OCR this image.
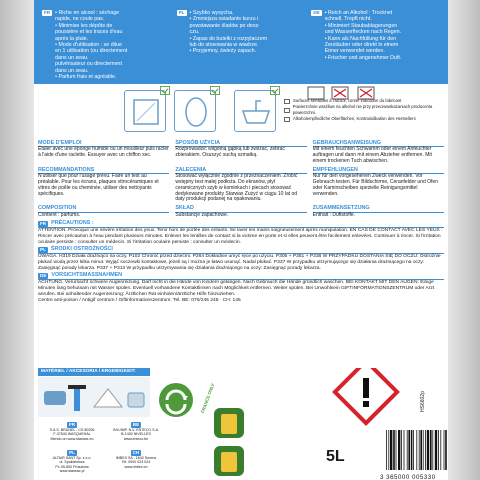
FR • Riche en alcool : séchage

rapide, ne coule pas.

• Minimise les dépôts de

poussière et les traces d'eau

après la pluie.

• Mode d'utilisation : se dilue

en 1 utilisation (ou directement

dans un seau.

pulvérisateur ou directement

dans un seau.

• Parfum frais et agréable.

PL • Szybko wysycha.

• Zmniejsza osiadanie kurzu i

powstawanie śladów po desz-

czu.

• Zapas do butelki z rozpylaczem

lub do stosowania w wiadrze.

• Przyjemny, świeży zapach.

DE • Reich an Alkohol : Trocknet

schnell, Tropft nicht.

• Minimiert Staubablagerungen

und Wasserflecken nach Regen.

• Kann als Nachfüllung für den

Zerstäuber oder direkt in einem

Eimer verwendet werden.

• Frischer und angenehmer Duft.

Surfaces sensibles à l'alcool, contre indication du fabricant
Powierzchnie wrażliwe na alkohol nie przy przeciwwskazaniach producenta powierzchni.
Alkoholempfindliche Oberflächen, Kontraindikation des Herstellers
MODE D'EMPLOI
Étaler avec une éponge humide ou un mouilleur puis racler à l'aide d'une raclette. Essuyer avec un chiffon sec.
SPOSÓB UŻYCIA
Rozprowadzić wilgotną gąbką lub zwilżać, zebrać zbierakiem. Osuszyć suchą szmatką.
GEBRAUCHSANWEISUNG
Mit einem feuchten Schwamm oder einem Anfeuchter auftragen und dann mit einem Abzieher entfernen. Mit einem trockenen Tuch abwischen.
RECOMMANDATIONS
N'utiliser que pour l'usage prévu. Faire un test au préalable. Pour les écrans, plaques vitrocéramiques et vitres de poêle ou cheminée, utiliser des nettoyants spécifiques.
ZALECENIA
Stosować wyłącznie zgodnie z przeznaczeniem. Zrobić wstępny test małej podłoża. Do ekranów, płyt ceramicznych szyb w kominkach i piecach stosować dedykowane produkty Starwax Zużyć w ciągu 10 lat od daty produkcji podanej na opakowaniu.
EMPFEHLUNGEN
Nur für den vorgesehenen Zweck verwenden. Vor Gebrauch testen. Für Bildschirme, Ceranfelder und Ofen oder Kaminscheiben spezielle Reinigungsmittel verwenden.
COMPOSITION
Contient : parfums.
SKŁAD
Substancje zapachowe.
ZUSAMMENSETZUNG
Enthält : Duftstoffe.
FR PRÉCAUTIONS :
ATTENTION. Provoque une sévère irritation des yeux. Tenir hors de portée des enfants. Se laver les mains soigneusement après manipulation. EN CAS DE CONTACT AVEC LES YEUX : Rincer avec précaution à l'eau pendant plusieurs minutes. Enlever les lentilles de contact si la victime en porte et si elles peuvent être facilement enlevées. Continuer à rincer. Si l'irritation oculaire persiste : consulter un médecin. Si l'irritation oculaire persiste : consulter un médecin.
PL ŚRODKI OSTROŻNOŚCI
UWAGA. H319 Działa drażniąco na oczy. P102 Chronić przed dziećmi. P264 Dokładnie umyć ręce po użyciu. P305 + P351 + P338 W PRZYPADKU DOSTANIA SIĘ DO OCZU: Ostrożnie płukać wodą przez kilka minut. Wyjąć soczewki kontaktowe, jeżeli są i można je łatwo usunąć. Nadal płukać. P337 W przypadku utrzymującego się działania drażniącego na oczy: Zasięgnąć porady lekarza. P337 + P313 W przypadku utrzymywania się działania drażniącego na oczy: Zasięgnąć porady lekarza.
DE VORSICHTSMASSNAHMEN
ACHTUNG. Verursacht schwere Augenreizung. Darf nicht in die Hände von Kindern gelangen. Nach Gebrauch die Hände gründlich waschen. BEI KONTAKT MIT DEN AUGEN: Einige Minuten lang behutsam mit Wasser spülen. Eventuell vorhandene Kontaktlinsen nach Möglichkeit entfernen. Weiter spülen. Bei Unwohlsein GIFTINFORMATIONSZENTRUM oder Arzt anrufen. Bei anhaltender Augenreizung: Ärztlichen Rat einholen/ärztliche Hilfe hinzuziehen.
Centre anti-poison / Antigif centrum / Giftinformationszentrum: Tel. BE: 070/245 245 · CH: 145
MATÉRIEL / AKCESORIA / ERGEBIGKEIT:
FR
S.A.S. BRUNEL - CS 80206
F-37540 WASQUEHAL
Mendu on www.starwax.eu
BE
INV./IMP. N.V. ENTECO S.A.
B-1400 NIVELLES
www.enteco.be
PL
ALTAIR SANT Sp. z o.o.
ul. Spółdzielcza
PL-05-800 Pruszków
www.starwax.pl
CH
IMBEX SA - 1642 Sorens
Tel. 0900 024 024
www.imbex.ch
FRANCE ONLY	HS6602p
5L
3 365000 005330
